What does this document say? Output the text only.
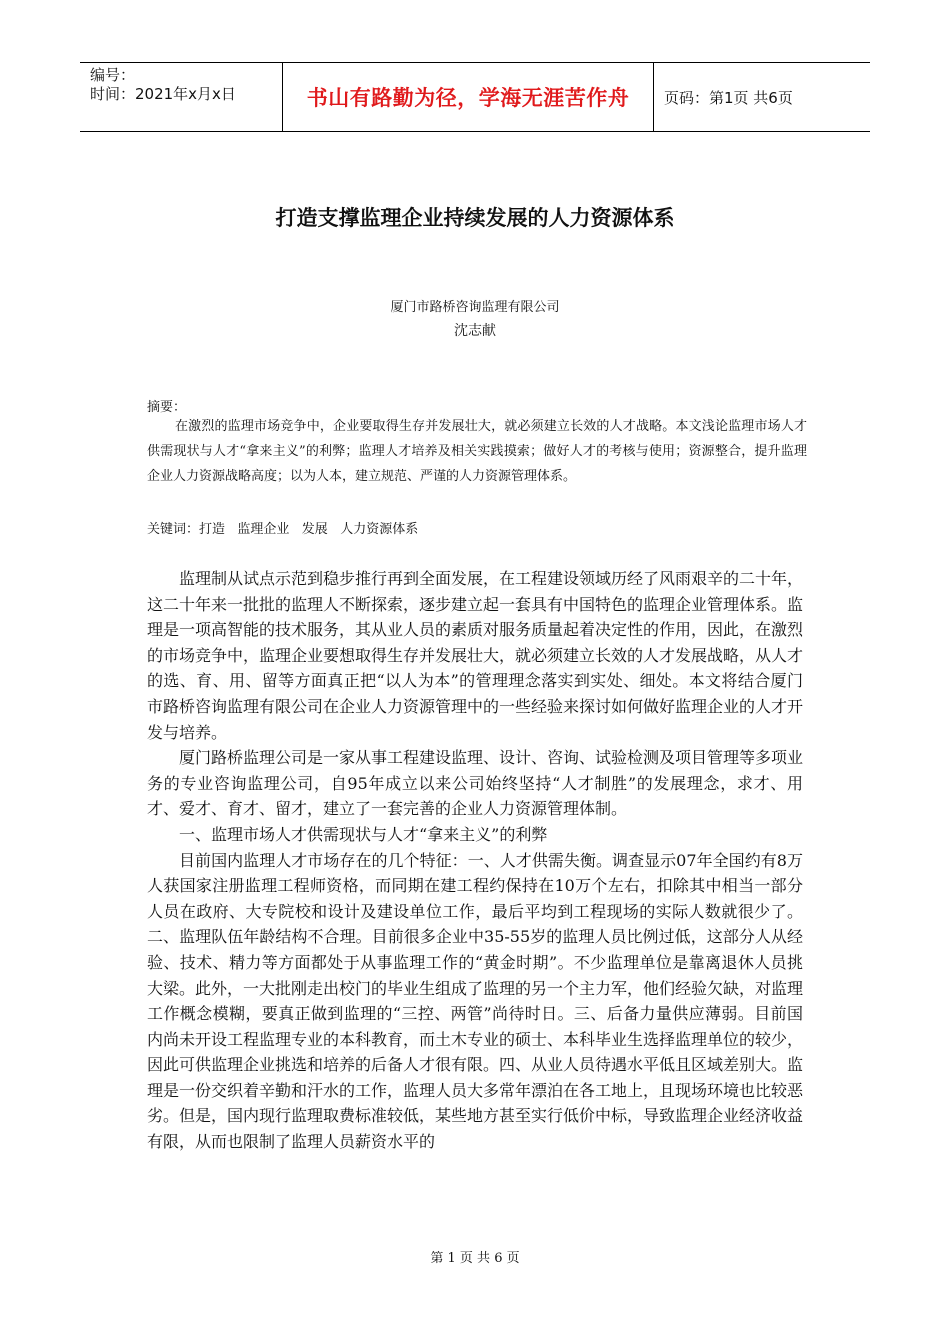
编号：
时间：2021年x月x日	书山有路勤为径，学海无涯苦作舟 页码：第1页 共6页
打造支撑监理企业持续发展的人力资源体系
厦门市路桥咨询监理有限公司
沈志献
摘要：

在激烈的监理市场竞争中，企业要取得生存并发展壮大，就必须建立长效的人才战略。本文浅论监理市场人才供需现状与人才“拿来主义”的利弊；监理人才培养及相关实践摸索；做好人才的考核与使用；资源整合，提升监理企业人力资源战略高度；以为人本，建立规范、严谨的人力资源管理体系。

关键词：打造   监理企业   发展   人力资源体系

监理制从试点示范到稳步推行再到全面发展，在工程建设领域历经了风雨艰辛的二十年，这二十年来一批批的监理人不断探索，逐步建立起一套具有中国特色的监理企业管理体系。监理是一项高智能的技术服务，其从业人员的素质对服务质量起着决定性的作用，因此，在激烈的市场竞争中，监理企业要想取得生存并发展壮大，就必须建立长效的人才发展战略，从人才的选、育、用、留等方面真正把“以人为本”的管理理念落实到实处、细处。本文将结合厦门市路桥咨询监理有限公司在企业人力资源管理中的一些经验来探讨如何做好监理企业的人才开发与培养。

厦门路桥监理公司是一家从事工程建设监理、设计、咨询、试验检测及项目管理等多项业务的专业咨询监理公司，自95年成立以来公司始终坚持“人才制胜”的发展理念，求才、用才、爱才、育才、留才，建立了一套完善的企业人力资源管理体制。

一、监理市场人才供需现状与人才“拿来主义”的利弊

目前国内监理人才市场存在的几个特征：一、人才供需失衡。调查显示07年全国约有8万人获国家注册监理工程师资格，而同期在建工程约保持在10万个左右，扣除其中相当一部分人员在政府、大专院校和设计及建设单位工作，最后平均到工程现场的实际人数就很少了。二、监理队伍年龄结构不合理。目前很多企业中35-55岁的监理人员比例过低，这部分人从经验、技术、精力等方面都处于从事监理工作的“黄金时期”。不少监理单位是靠离退休人员挑大梁。此外，一大批刚走出校门的毕业生组成了监理的另一个主力军，他们经验欠缺，对监理工作概念模糊，要真正做到监理的“三控、两管”尚待时日。三、后备力量供应薄弱。目前国内尚未开设工程监理专业的本科教育，而土木专业的硕士、本科毕业生选择监理单位的较少，因此可供监理企业挑选和培养的后备人才很有限。四、从业人员待遇水平低且区域差别大。监理是一份交织着辛勤和汗水的工作，监理人员大多常年漂泊在各工地上，且现场环境也比较恶劣。但是，国内现行监理取费标准较低，某些地方甚至实行低价中标，导致监理企业经济收益有限，从而也限制了监理人员薪资水平的

第 1 页 共 6 页
